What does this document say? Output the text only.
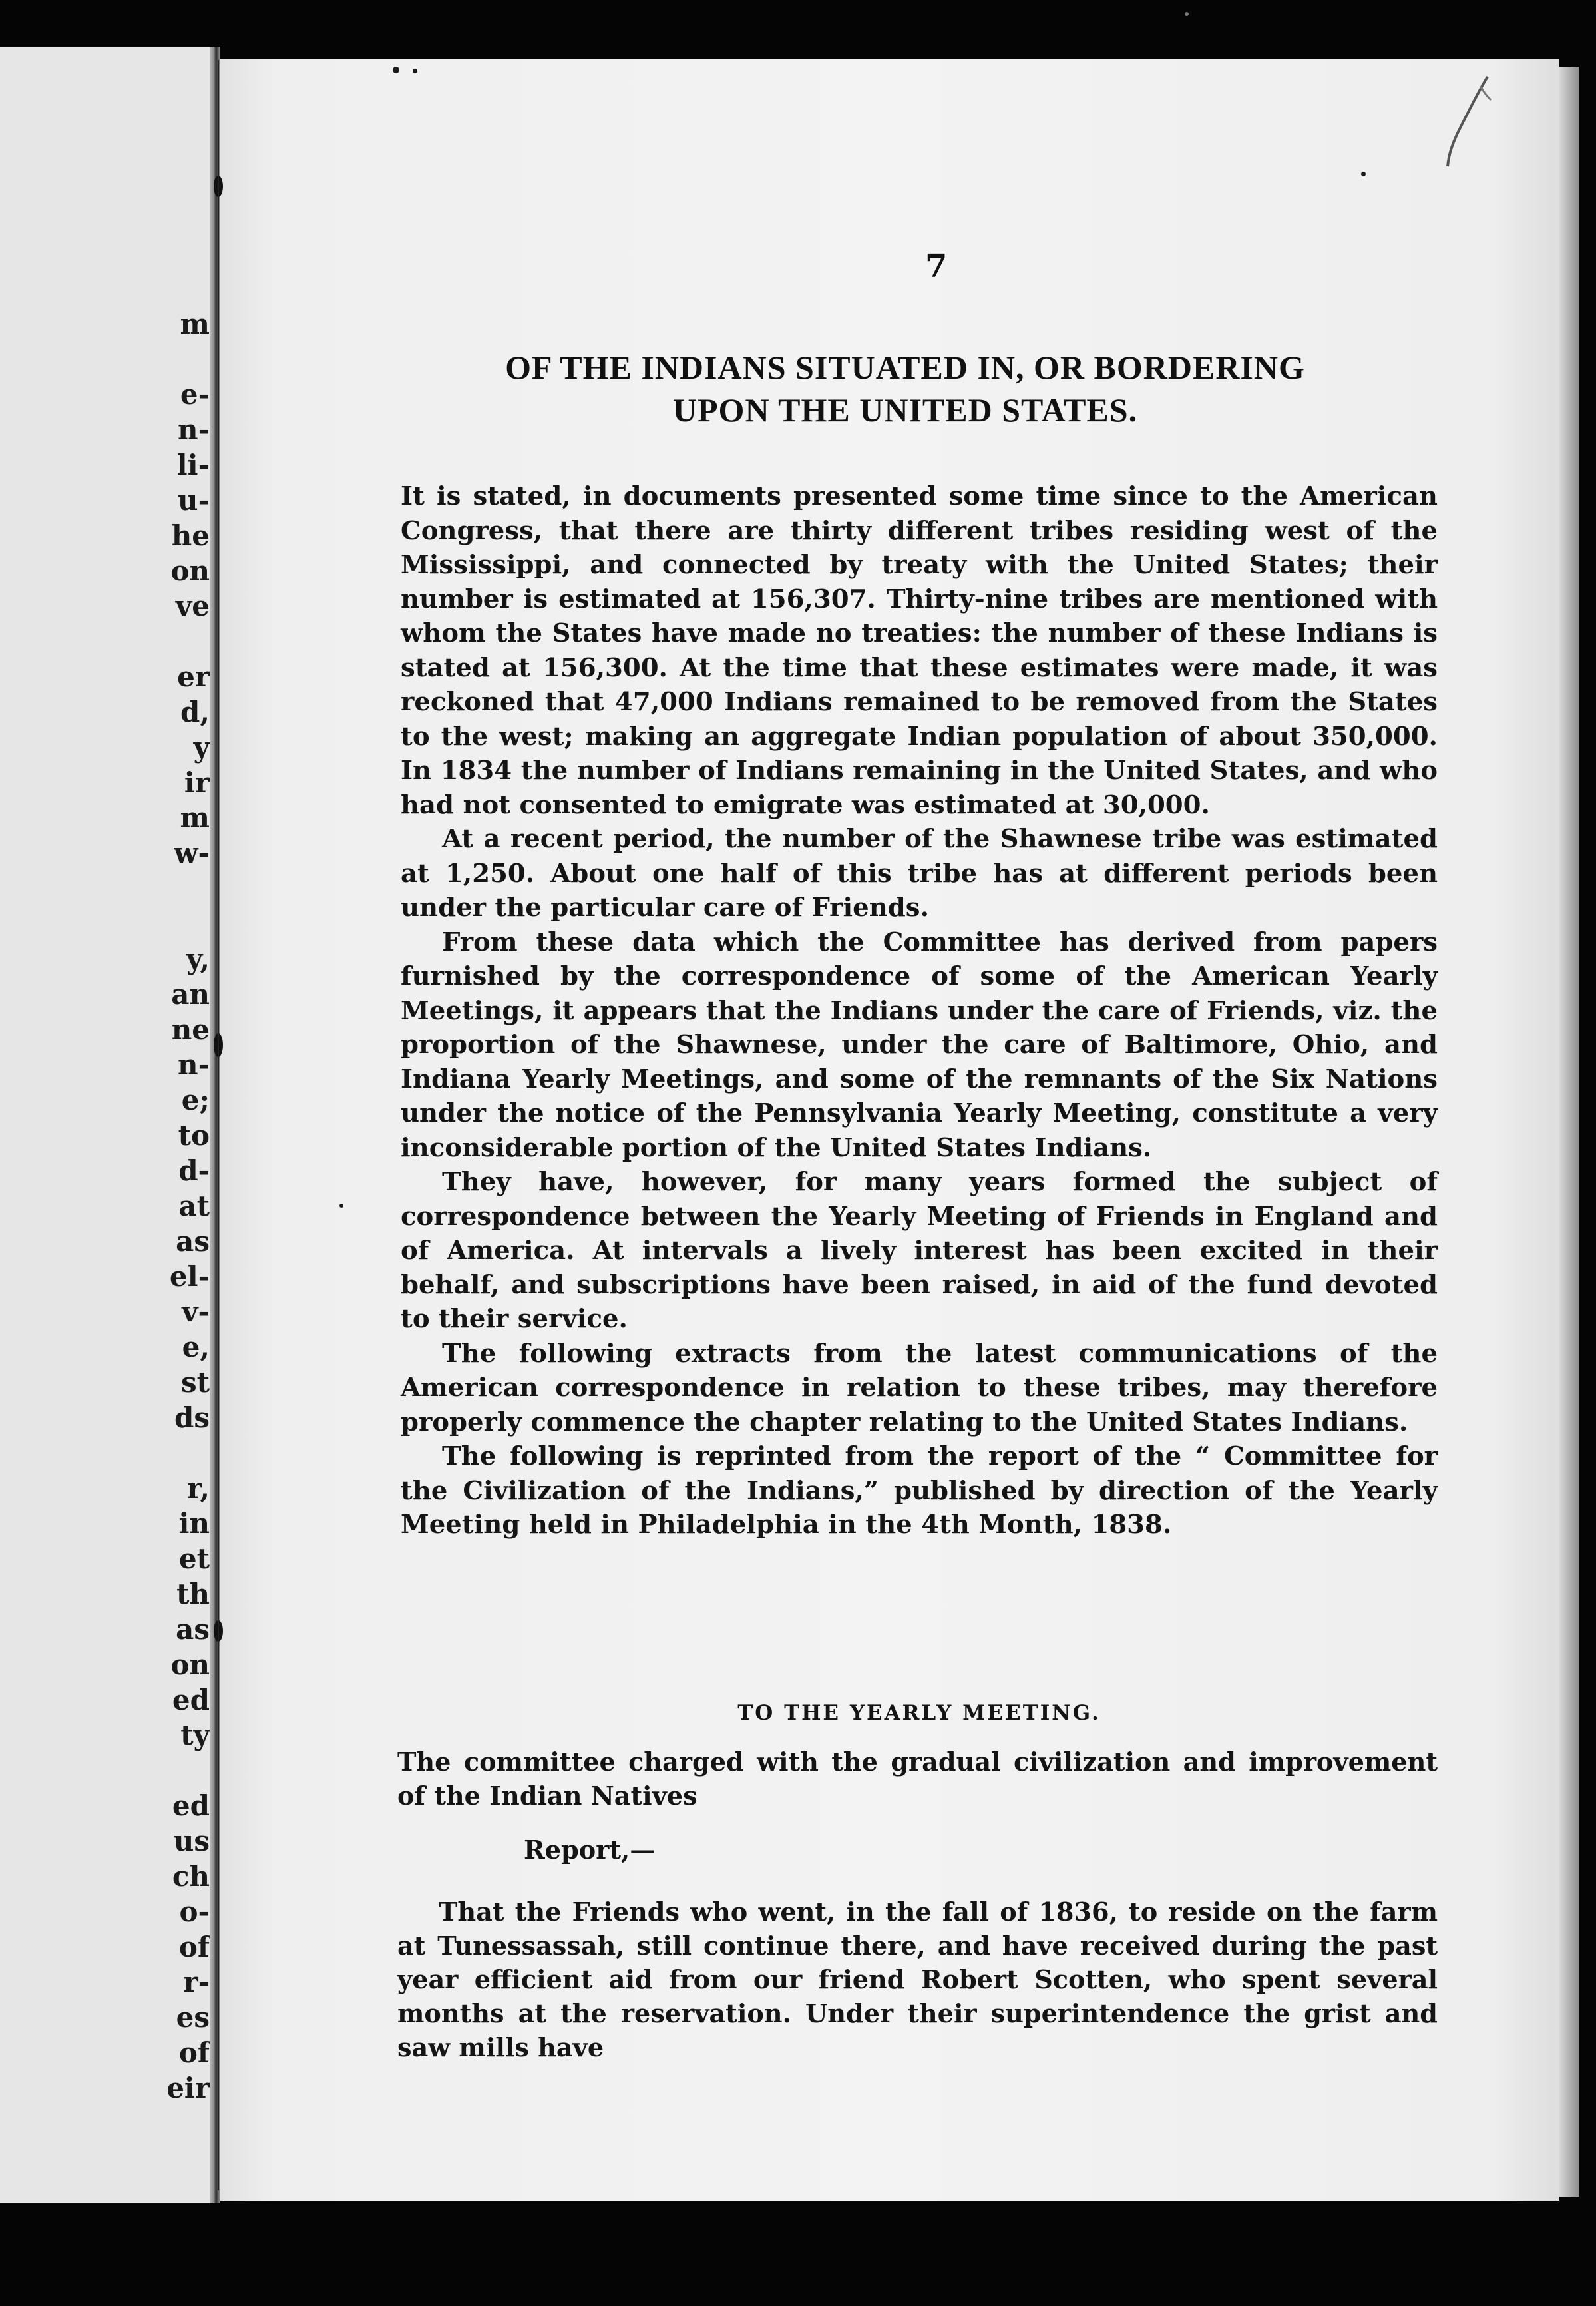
m
e-
n-
li-
u-
he
on
ve
er
d,
y
ir
m
w-
y,
an
ne
n-
e;
to
d-
at
as
el-
v-
e,
st
ds
r,
in
et
th
as
on
ed
ty
ed
us
ch
o-
of
r-
es
of
eir
7
OF THE INDIANS SITUATED IN, OR BORDERING
UPON THE UNITED STATES.

It is stated, in documents presented some time since to the American Congress, that there are thirty different tribes residing west of the Mississippi, and connected by treaty with the United States; their number is estimated at 156,307. Thirty-nine tribes are mentioned with whom the States have made no treaties: the number of these Indians is stated at 156,300. At the time that these estimates were made, it was reckoned that 47,000 Indians remained to be removed from the States to the west; making an aggregate Indian population of about 350,000. In 1834 the number of Indians remaining in the United States, and who had not consented to emigrate was estimated at 30,000.

At a recent period, the number of the Shawnese tribe was estimated at 1,250. About one half of this tribe has at different periods been under the particular care of Friends.

From these data which the Committee has derived from papers furnished by the correspondence of some of the American Yearly Meetings, it appears that the Indians under the care of Friends, viz. the proportion of the Shawnese, under the care of Baltimore, Ohio, and Indiana Yearly Meetings, and some of the remnants of the Six Nations under the notice of the Pennsylvania Yearly Meeting, constitute a very inconsiderable portion of the United States Indians.

They have, however, for many years formed the subject of correspondence between the Yearly Meeting of Friends in England and of America. At intervals a lively interest has been excited in their behalf, and subscriptions have been raised, in aid of the fund devoted to their service.

The following extracts from the latest communications of the American correspondence in relation to these tribes, may therefore properly commence the chapter relating to the United States Indians.

The following is reprinted from the report of the “ Committee for the Civilization of the Indians,” published by direction of the Yearly Meeting held in Philadelphia in the 4th Month, 1838.

TO THE YEARLY MEETING.

The committee charged with the gradual civilization and improvement of the Indian Natives

Report,—

That the Friends who went, in the fall of 1836, to reside on the farm at Tunessassah, still continue there, and have received during the past year efficient aid from our friend Robert Scotten, who spent several months at the reservation. Under their superintendence the grist and saw mills have
